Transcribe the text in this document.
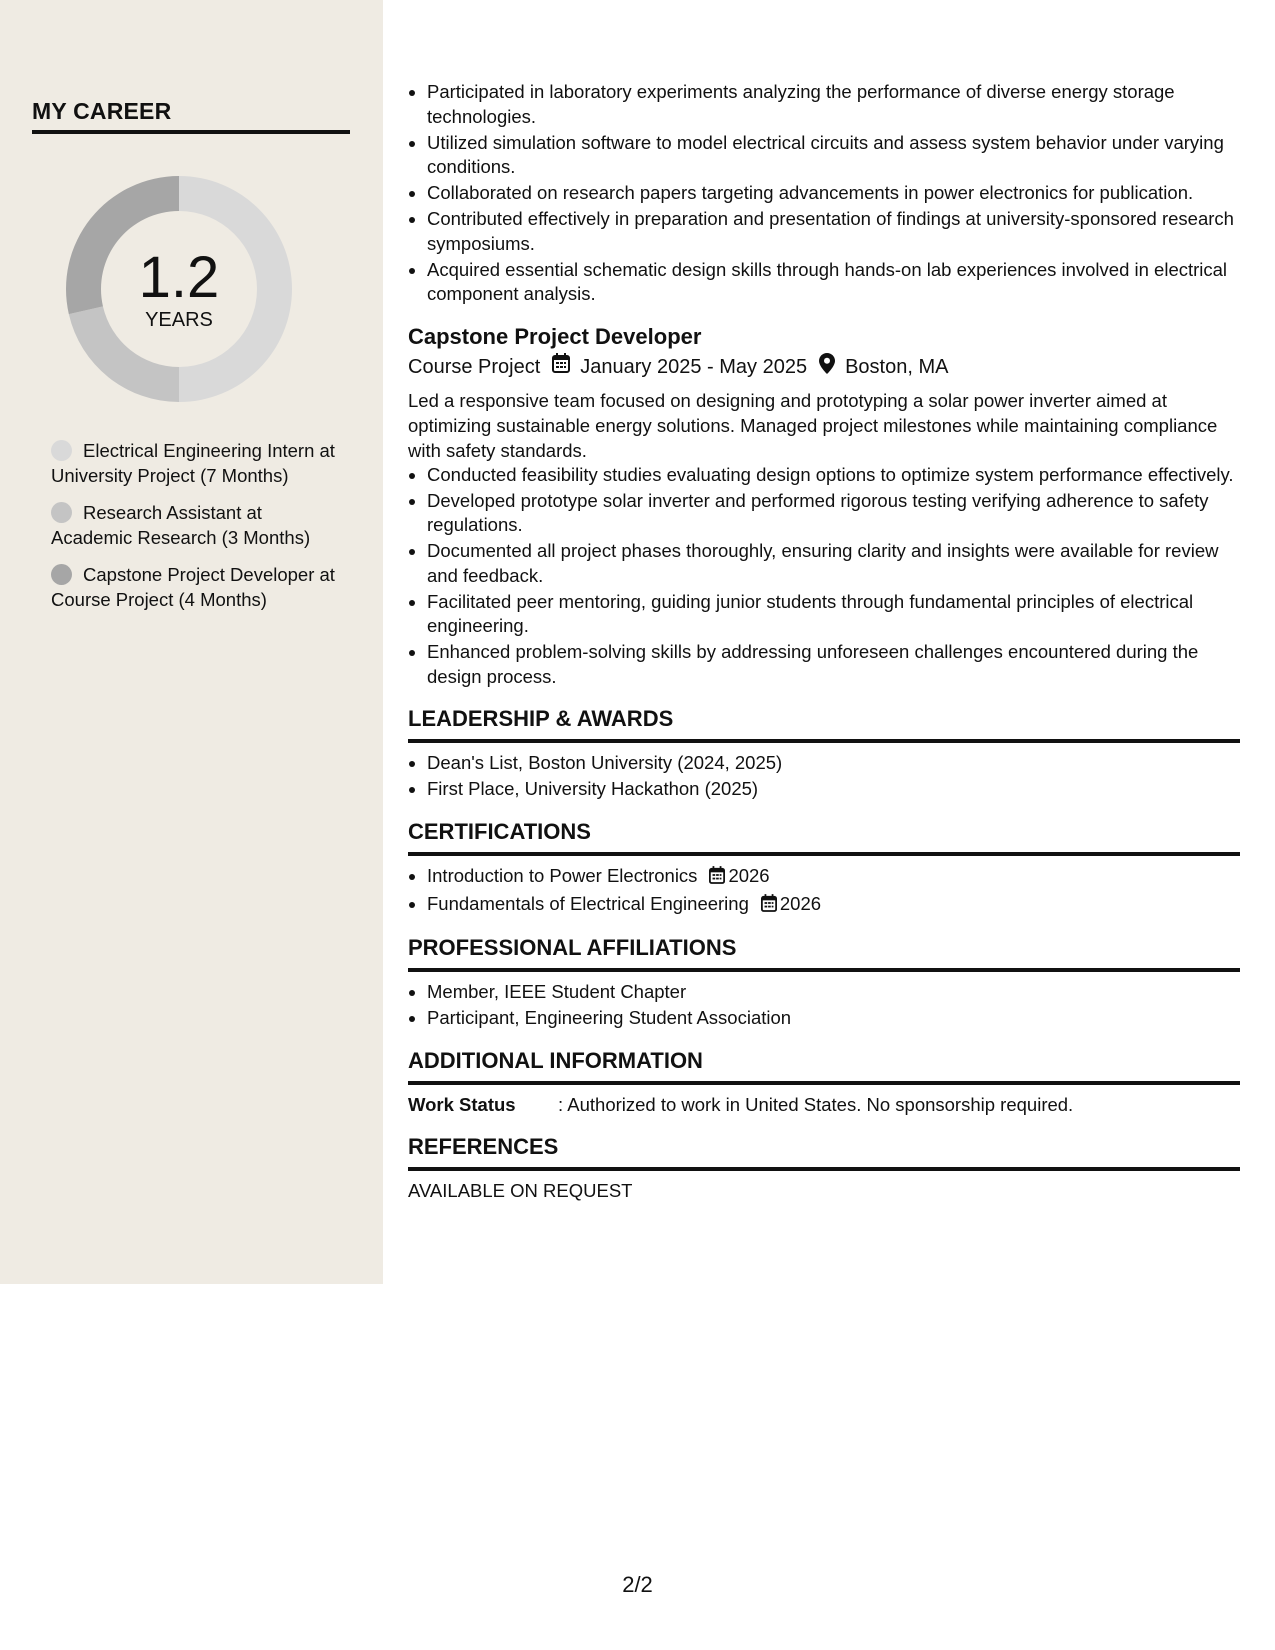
MY CAREER
1.2
YEARS
Electrical Engineering Intern at University Project (7 Months)
Research Assistant at Academic Research (3 Months)
Capstone Project Developer at Course Project (4 Months)
• Participated in laboratory experiments analyzing the performance of diverse energy storage technologies.
• Utilized simulation software to model electrical circuits and assess system behavior under varying conditions.
• Collaborated on research papers targeting advancements in power electronics for publication.
• Contributed effectively in preparation and presentation of findings at university-sponsored research symposiums.
• Acquired essential schematic design skills through hands-on lab experiences involved in electrical component analysis.
Capstone Project Developer
Course Project January 2025 - May 2025 Boston, MA
Led a responsive team focused on designing and prototyping a solar power inverter aimed at optimizing sustainable energy solutions. Managed project milestones while maintaining compliance with safety standards.
• Conducted feasibility studies evaluating design options to optimize system performance effectively.
• Developed prototype solar inverter and performed rigorous testing verifying adherence to safety regulations.
• Documented all project phases thoroughly, ensuring clarity and insights were available for review and feedback.
• Facilitated peer mentoring, guiding junior students through fundamental principles of electrical engineering.
• Enhanced problem-solving skills by addressing unforeseen challenges encountered during the design process.
LEADERSHIP & AWARDS
• Dean's List, Boston University (2024, 2025)
• First Place, University Hackathon (2025)
CERTIFICATIONS
• Introduction to Power Electronics 2026
• Fundamentals of Electrical Engineering 2026
PROFESSIONAL AFFILIATIONS
• Member, IEEE Student Chapter
• Participant, Engineering Student Association
ADDITIONAL INFORMATION
Work Status	: Authorized to work in United States. No sponsorship required.
REFERENCES
AVAILABLE ON REQUEST
2/2
